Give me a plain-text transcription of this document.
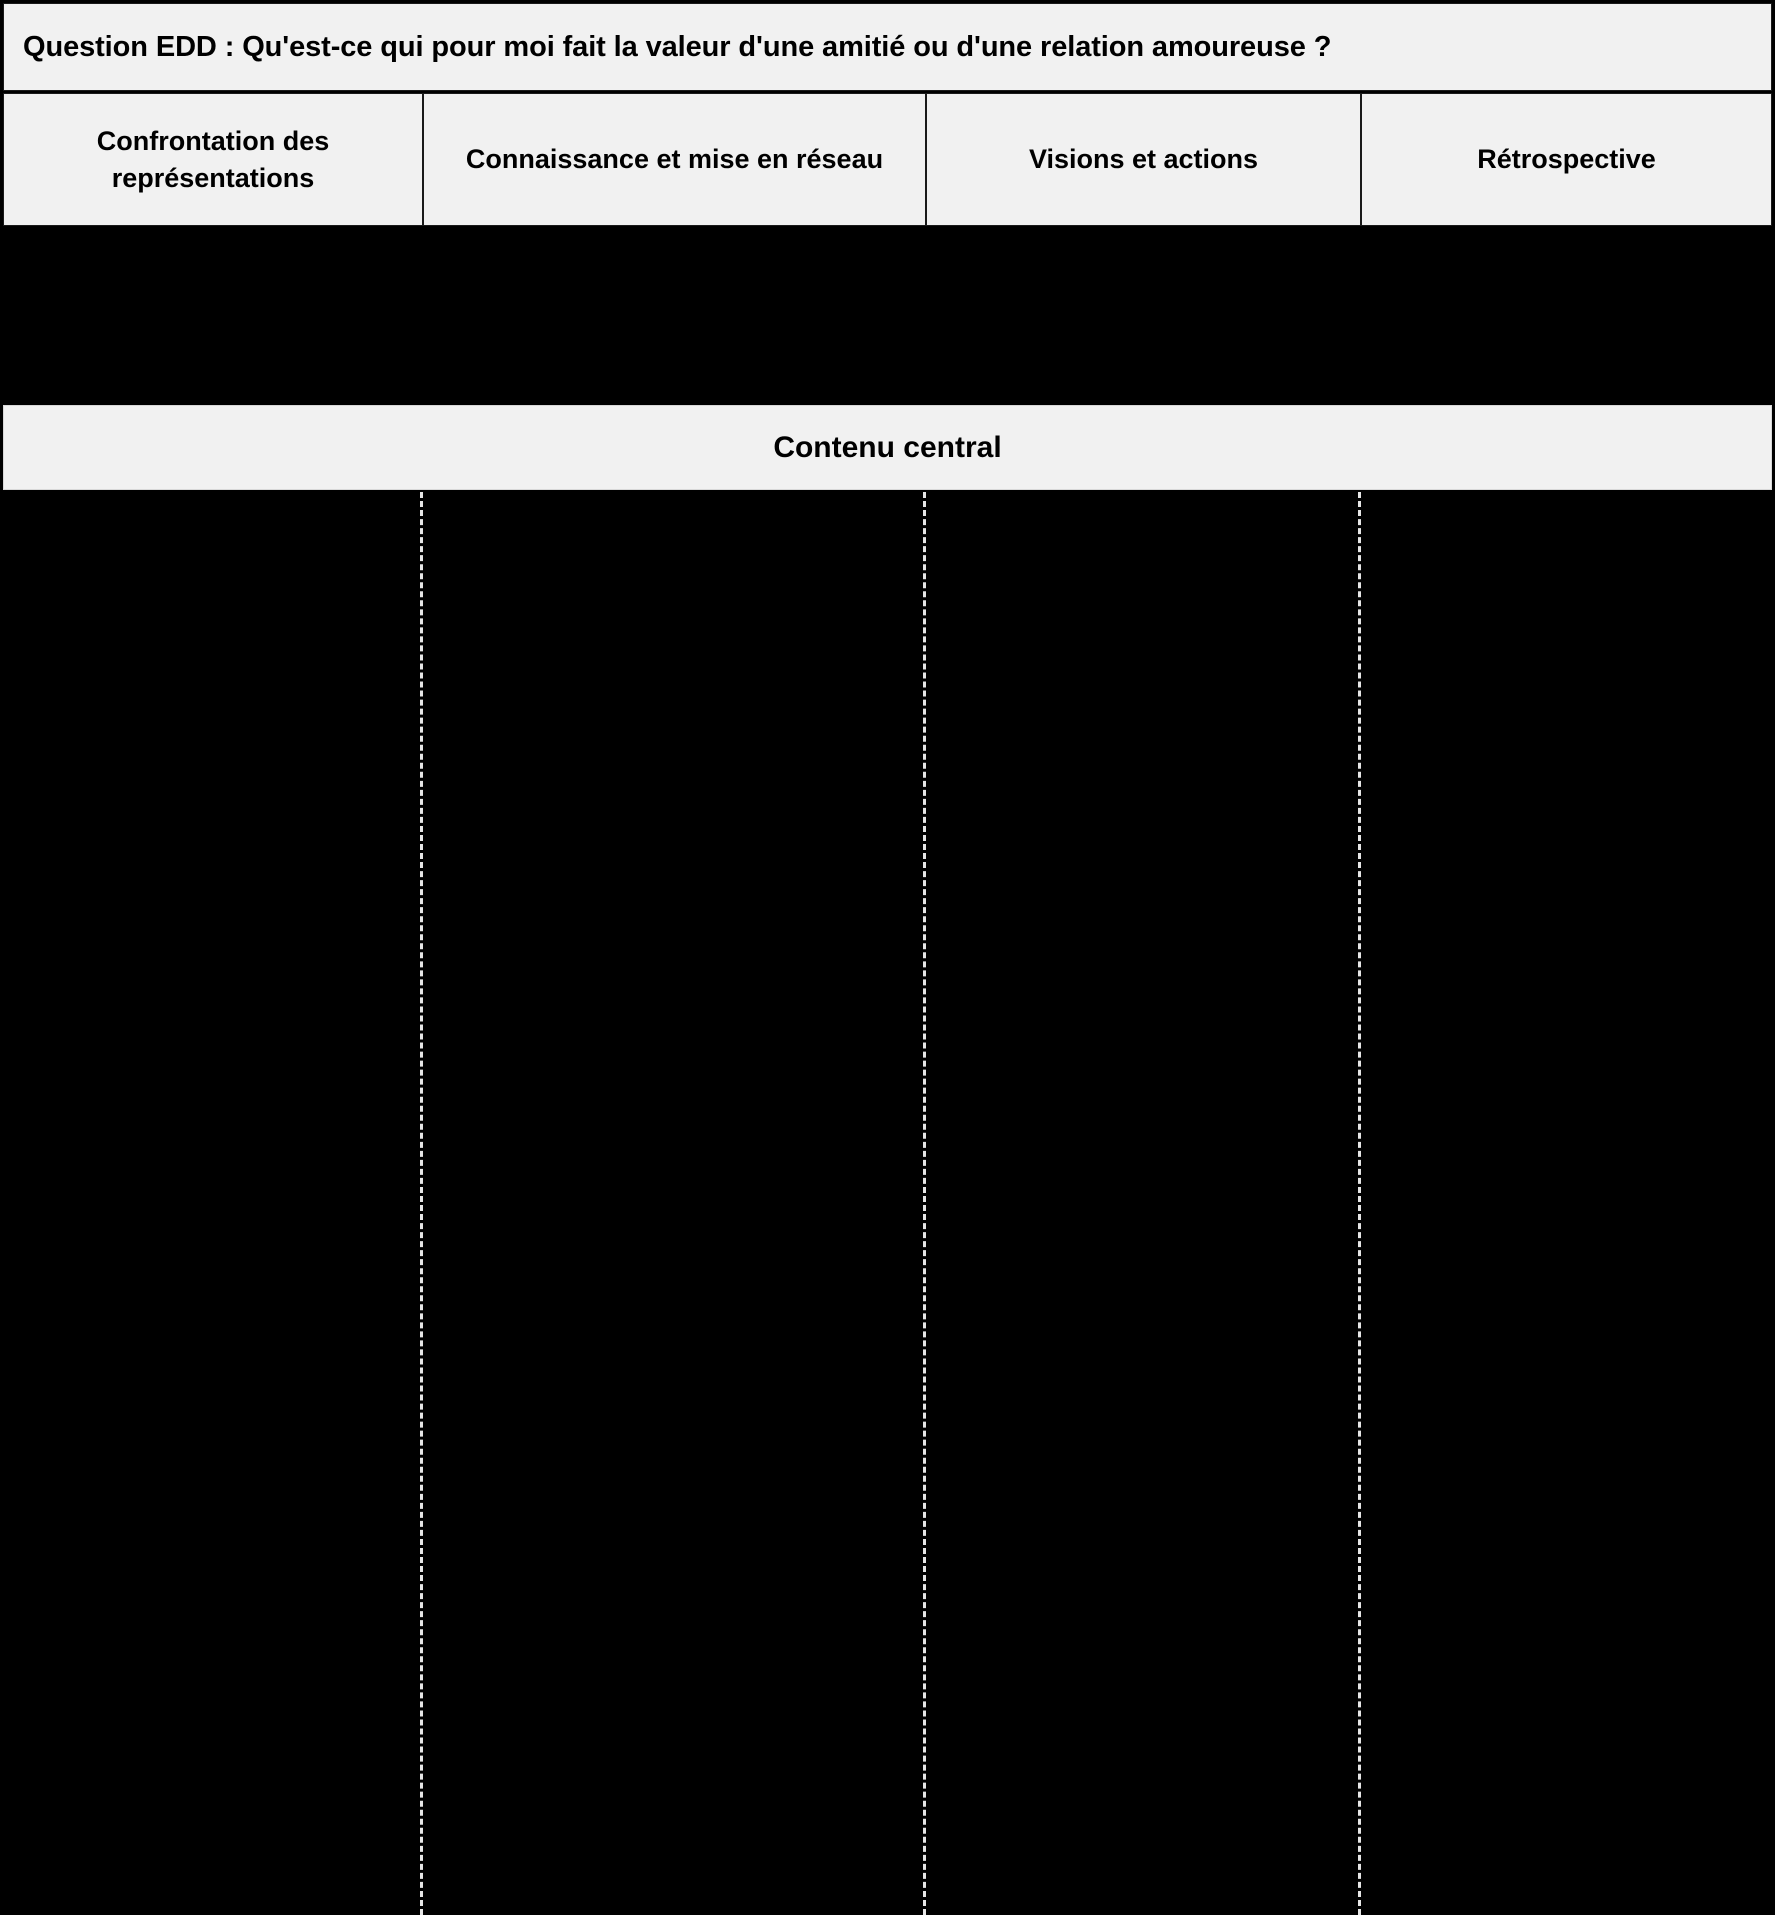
Question EDD : Qu'est-ce qui pour moi fait la valeur d'une amitié ou d'une relation amoureuse ?
Confrontation des représentations
Connaissance et mise en réseau	Visions et actions	Rétrospective
Contenu central
